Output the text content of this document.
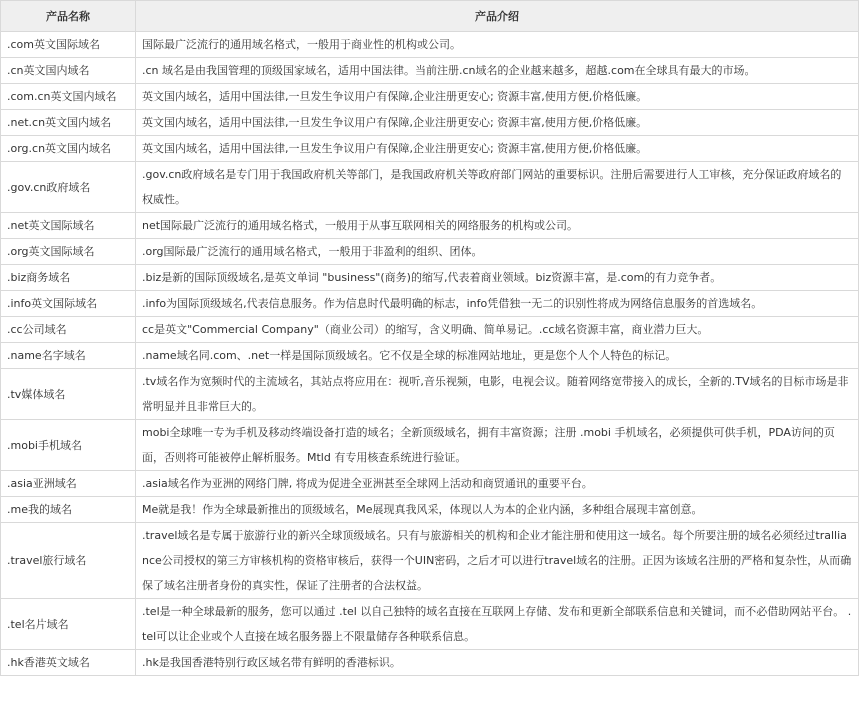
产品名称	产品介绍
.com英文国际域名	国际最广泛流行的通用域名格式，一般用于商业性的机构或公司。
.cn英文国内域名	.cn 域名是由我国管理的顶级国家域名，适用中国法律。当前注册.cn域名的企业越来越多，超越.com在全球具有最大的市场。
.com.cn英文国内域名	英文国内域名，适用中国法律,一旦发生争议用户有保障,企业注册更安心; 资源丰富,使用方便,价格低廉。
.net.cn英文国内域名	英文国内域名，适用中国法律,一旦发生争议用户有保障,企业注册更安心; 资源丰富,使用方便,价格低廉。
.org.cn英文国内域名	英文国内域名，适用中国法律,一旦发生争议用户有保障,企业注册更安心; 资源丰富,使用方便,价格低廉。
.gov.cn政府域名	.gov.cn政府域名是专门用于我国政府机关等部门，是我国政府机关等政府部门网站的重要标识。注册后需要进行人工审核，充分保证政府域名的权威性。
.net英文国际域名	net国际最广泛流行的通用域名格式，一般用于从事互联网相关的网络服务的机构或公司。
.org英文国际域名	.org国际最广泛流行的通用域名格式，一般用于非盈利的组织、团体。
.biz商务域名	.biz是新的国际顶级域名,是英文单词 "business"(商务)的缩写,代表着商业领域。biz资源丰富，是.com的有力竞争者。
.info英文国际域名	.info为国际顶级域名,代表信息服务。作为信息时代最明确的标志，info凭借独一无二的识别性将成为网络信息服务的首选域名。
.cc公司域名	cc是英文"Commercial Company"（商业公司）的缩写，含义明确、简单易记。.cc域名资源丰富，商业潜力巨大。
.name名字域名	.name域名同.com、.net一样是国际顶级域名。它不仅是全球的标准网站地址，更是您个人个人特色的标记。
.tv媒体域名	.tv域名作为宽频时代的主流域名，其站点将应用在：视听,音乐视频，电影，电视会议。随着网络宽带接入的成长，全新的.TV域名的目标市场是非常明显并且非常巨大的。
.mobi手机域名	mobi全球唯一专为手机及移动终端设备打造的域名；全新顶级域名，拥有丰富资源；注册 .mobi 手机域名，必须提供可供手机，PDA访问的页面，否则将可能被停止解析服务。Mtld 有专用核查系统进行验证。
.asia亚洲域名	.asia域名作为亚洲的网络门牌, 将成为促进全亚洲甚至全球网上活动和商贸通讯的重要平台。
.me我的域名	Me就是我！作为全球最新推出的顶级域名，Me展现真我风采，体现以人为本的企业内涵，多种组合展现丰富创意。
.travel旅行域名	.travel域名是专属于旅游行业的新兴全球顶级域名。只有与旅游相关的机构和企业才能注册和使用这一域名。每个所要注册的域名必须经过tralliance公司授权的第三方审核机构的资格审核后，获得一个UIN密码，之后才可以进行travel域名的注册。正因为该域名注册的严格和复杂性，从而确保了域名注册者身份的真实性，保证了注册者的合法权益。
.tel名片域名	.tel是一种全球最新的服务，您可以通过 .tel 以自己独特的域名直接在互联网上存储、发布和更新全部联系信息和关键词，而不必借助网站平台。 .tel可以让企业或个人直接在域名服务器上不限量储存各种联系信息。
.hk香港英文域名	.hk是我国香港特别行政区域名带有鲜明的香港标识。
